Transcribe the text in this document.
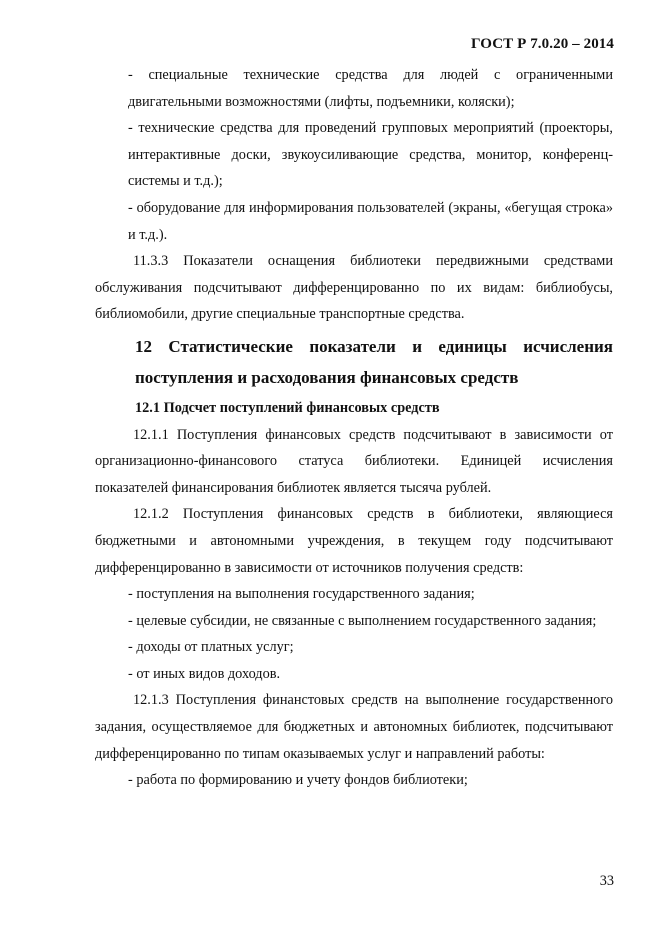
ГОСТ Р 7.0.20 – 2014

- специальные технические средства для людей с ограниченными двигательными возможностями (лифты, подъемники, коляски);

- технические средства для проведений групповых мероприятий (проекторы, интерактивные доски, звукоусиливающие средства, монитор, конференц-системы и т.д.);

- оборудование для информирования пользователей (экраны, «бегущая строка» и т.д.).

11.3.3 Показатели оснащения библиотеки передвижными средствами обслуживания подсчитывают дифференцированно по их видам: библиобусы, библиомобили, другие специальные транспортные средства.

12 Статистические показатели и единицы исчисления поступления и расходования финансовых средств
12.1 Подсчет поступлений финансовых средств

12.1.1 Поступления финансовых средств подсчитывают в зависимости от организационно-финансового статуса библиотеки. Единицей исчисления показателей финансирования библиотек является тысяча рублей.

12.1.2 Поступления финансовых средств в библиотеки, являющиеся бюджетными и автономными учреждения, в текущем году подсчитывают дифференцированно в зависимости от источников получения средств:

- поступления на выполнения государственного задания;

- целевые субсидии, не связанные с выполнением государственного задания;

- доходы от платных услуг;

- от иных видов доходов.

12.1.3 Поступления финанстовых средств на выполнение государственного задания, осуществляемое для бюджетных и автономных библиотек, подсчитывают дифференцированно по типам оказываемых услуг и направлений работы:

- работа по формированию и учету фондов библиотеки;

33
